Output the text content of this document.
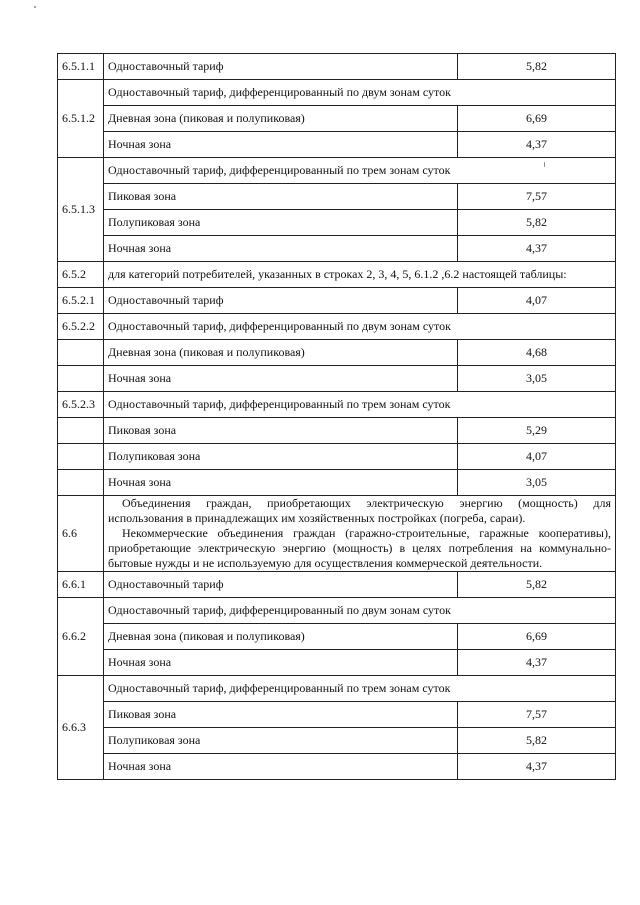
6.5.1.1	Одноставочный тариф	5,82
6.5.1.2	Одноставочный тариф, дифференцированный по двум зонам суток	
	Дневная зона (пиковая и полупиковая)	6,69
	Ночная зона	4,37
6.5.1.3	Одноставочный тариф, дифференцированный по трем зонам суток	
	Пиковая зона	7,57
	Полупиковая зона	5,82
	Ночная зона	4,37
6.5.2	для категорий потребителей, указанных в строках 2, 3, 4, 5, 6.1.2 ,6.2 настоящей таблицы:	
6.5.2.1	Одноставочный тариф	4,07
6.5.2.2	Одноставочный тариф, дифференцированный по двум зонам суток	
	Дневная зона (пиковая и полупиковая)	4,68
	Ночная зона	3,05
6.5.2.3	Одноставочный тариф, дифференцированный по трем зонам суток	
	Пиковая зона	5,29
	Полупиковая зона	4,07
	Ночная зона	3,05
6.6	Объединения граждан, приобретающих электрическую энергию (мощность) для использования в принадлежащих им хозяйственных постройках (погреба, сараи).

Некоммерческие объединения граждан (гаражно-строительные, гаражные кооперативы), приобретающие электрическую энергию (мощность) в целях потребления на коммунально-бытовые нужды и не используемую для осуществления коммерческой деятельности.	

6.6.1	Одноставочный тариф	5,82
6.6.2	Одноставочный тариф, дифференцированный по двум зонам суток	
	Дневная зона (пиковая и полупиковая)	6,69
	Ночная зона	4,37
6.6.3	Одноставочный тариф, дифференцированный по трем зонам суток	
	Пиковая зона	7,57
	Полупиковая зона	5,82
	Ночная зона	4,37
